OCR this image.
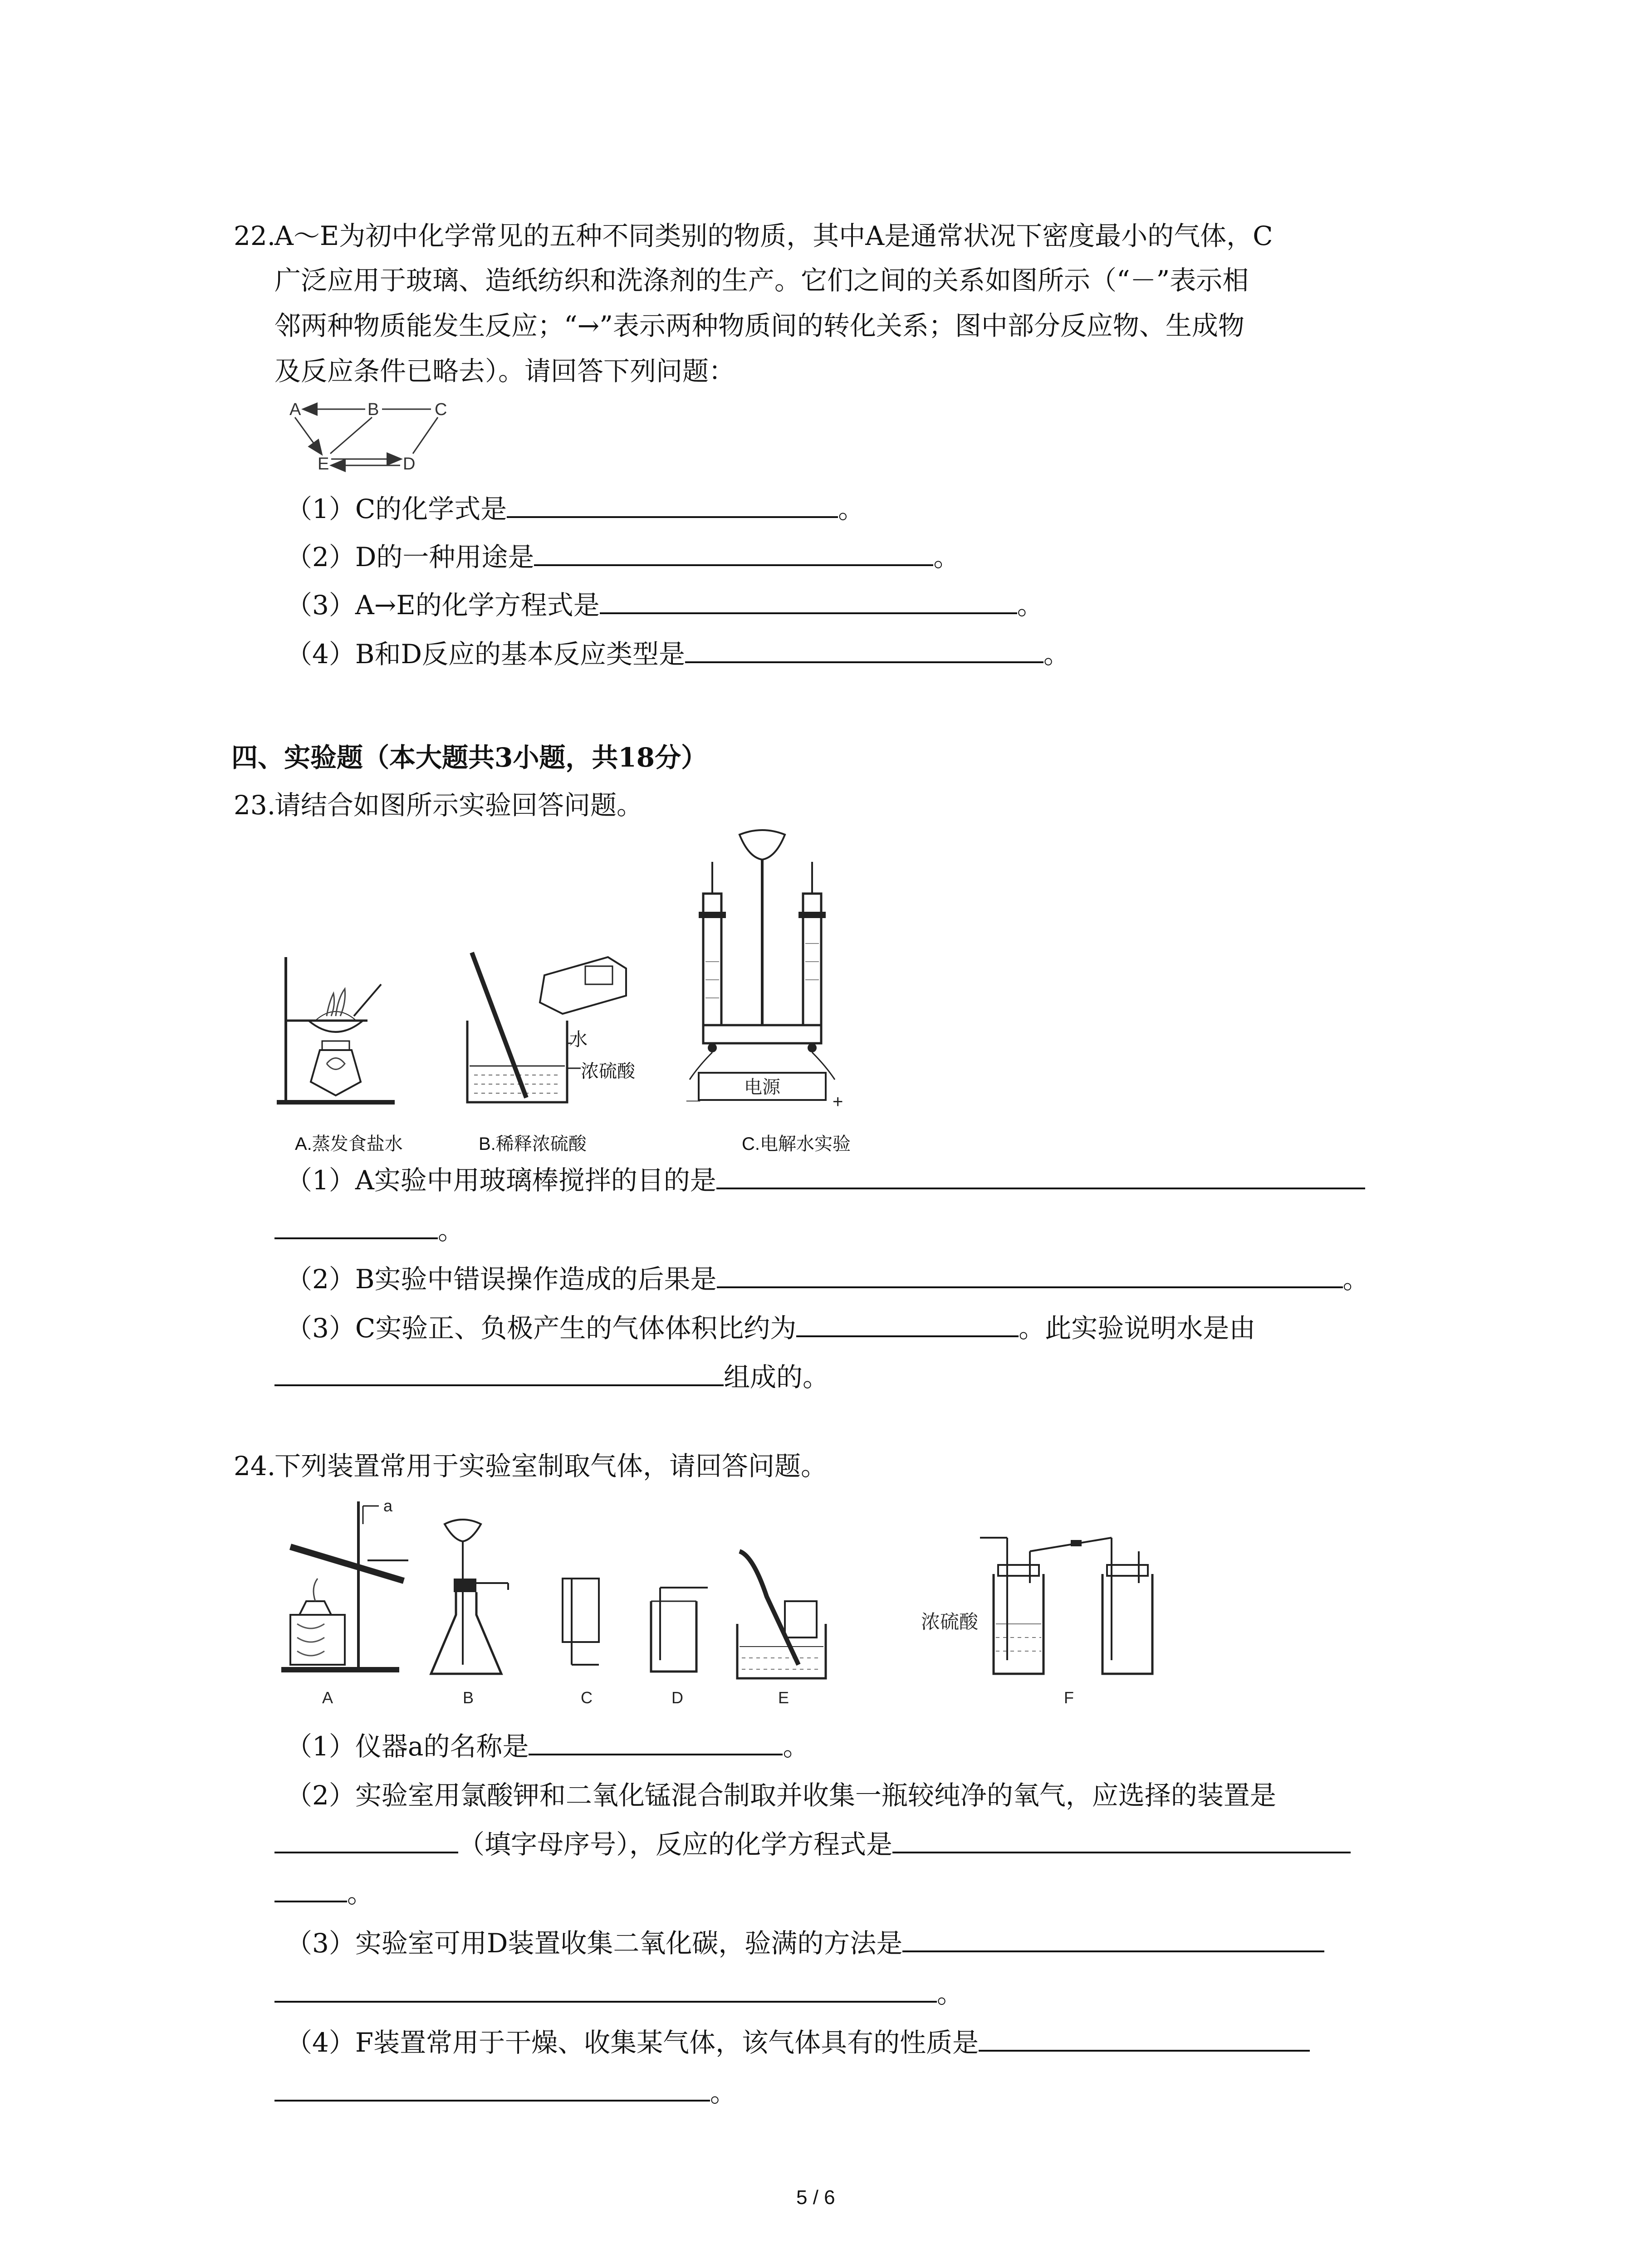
22.
A～E为初中化学常见的五种不同类别的物质，其中A是通常状况下密度最小的气体，C
广泛应用于玻璃、造纸纺织和洗涤剂的生产。它们之间的关系如图所示（“－”表示相
邻两种物质能发生反应；“→”表示两种物质间的转化关系；图中部分反应物、生成物
及反应条件已略去）。请回答下列问题：
A	B	C
E	D
（1）C的化学式是	。
（2）D的一种用途是	。
（3）A→E的化学方程式是	。
（4）B和D反应的基本反应类型是	。
四、实验题（本大题共3小题，共18分）
23.
请结合如图所示实验回答问题。
A.蒸发食盐水
水
浓硫酸
B.稀释浓硫酸
电源
－	+
C.电解水实验
（1）A实验中用玻璃棒搅拌的目的是
。
（2）B实验中错误操作造成的后果是	。
（3）C实验正、负极产生的气体体积比约为	。此实验说明水是由
组成的。
24.
下列装置常用于实验室制取气体，请回答问题。
a
浓硫酸
A	B	C	D	E	F
（1）仪器a的名称是	。
（2）实验室用氯酸钾和二氧化锰混合制取并收集一瓶较纯净的氧气，应选择的装置是
（填字母序号），反应的化学方程式是
。
（3）实验室可用D装置收集二氧化碳，验满的方法是
。
（4）F装置常用于干燥、收集某气体，该气体具有的性质是
。
5 / 6
